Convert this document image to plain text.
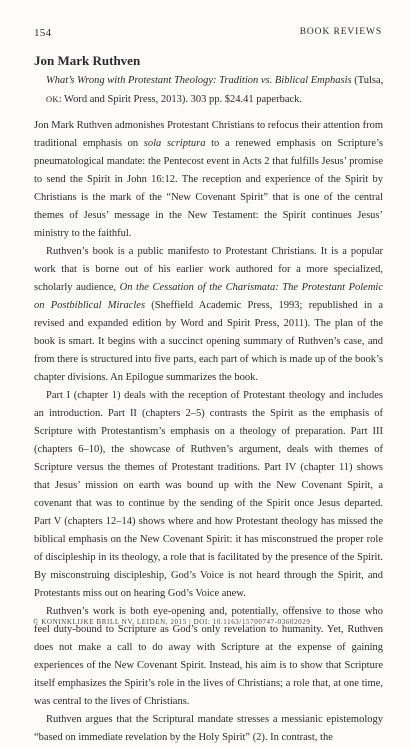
154	BOOK REVIEWS
Jon Mark Ruthven
What’s Wrong with Protestant Theology: Tradition vs. Biblical Emphasis (Tulsa, OK: Word and Spirit Press, 2013). 303 pp. $24.41 paperback.

Jon Mark Ruthven admonishes Protestant Christians to refocus their attention from traditional emphasis on sola scriptura to a renewed emphasis on Scripture’s pneumatological mandate: the Pentecost event in Acts 2 that fulfills Jesus’ promise to send the Spirit in John 16:12. The reception and experience of the Spirit by Christians is the mark of the “New Covenant Spirit” that is one of the central themes of Jesus’ message in the New Testament: the Spirit continues Jesus’ ministry to the faithful.

Ruthven’s book is a public manifesto to Protestant Christians. It is a popular work that is borne out of his earlier work authored for a more specialized, scholarly audience, On the Cessation of the Charismata: The Protestant Polemic on Postbiblical Miracles (Sheffield Academic Press, 1993; republished in a revised and expanded edition by Word and Spirit Press, 2011). The plan of the book is smart. It begins with a succinct opening summary of Ruthven’s case, and from there is structured into five parts, each part of which is made up of the book’s chapter divisions. An Epilogue summarizes the book.

Part I (chapter 1) deals with the reception of Protestant theology and includes an introduction. Part II (chapters 2–5) contrasts the Spirit as the emphasis of Scripture with Protestantism’s emphasis on a theology of preparation. Part III (chapters 6–10), the showcase of Ruthven’s argument, deals with themes of Scripture versus the themes of Protestant traditions. Part IV (chapter 11) shows that Jesus’ mission on earth was bound up with the New Covenant Spirit, a covenant that was to continue by the sending of the Spirit once Jesus departed. Part V (chapters 12–14) shows where and how Protestant theology has missed the biblical emphasis on the New Covenant Spirit: it has misconstrued the proper role of discipleship in its theology, a role that is facilitated by the presence of the Spirit. By misconstruing discipleship, God’s Voice is not heard through the Spirit, and Protestants miss out on hearing God’s Voice anew.

Ruthven’s work is both eye-opening and, potentially, offensive to those who feel duty-bound to Scripture as God’s only revelation to humanity. Yet, Ruthven does not make a call to do away with Scripture at the expense of gaining experiences of the New Covenant Spirit. Instead, his aim is to show that Scripture itself emphasizes the Spirit’s role in the lives of Christians; a role that, at one time, was central to the lives of Christians.

Ruthven argues that the Scriptural mandate stresses a messianic epistemology “based on immediate revelation by the Holy Spirit” (2). In contrast, the

© KONINKLIJKE BRILL NV, LEIDEN, 2015 | DOI: 10.1163/15700747-03602029
